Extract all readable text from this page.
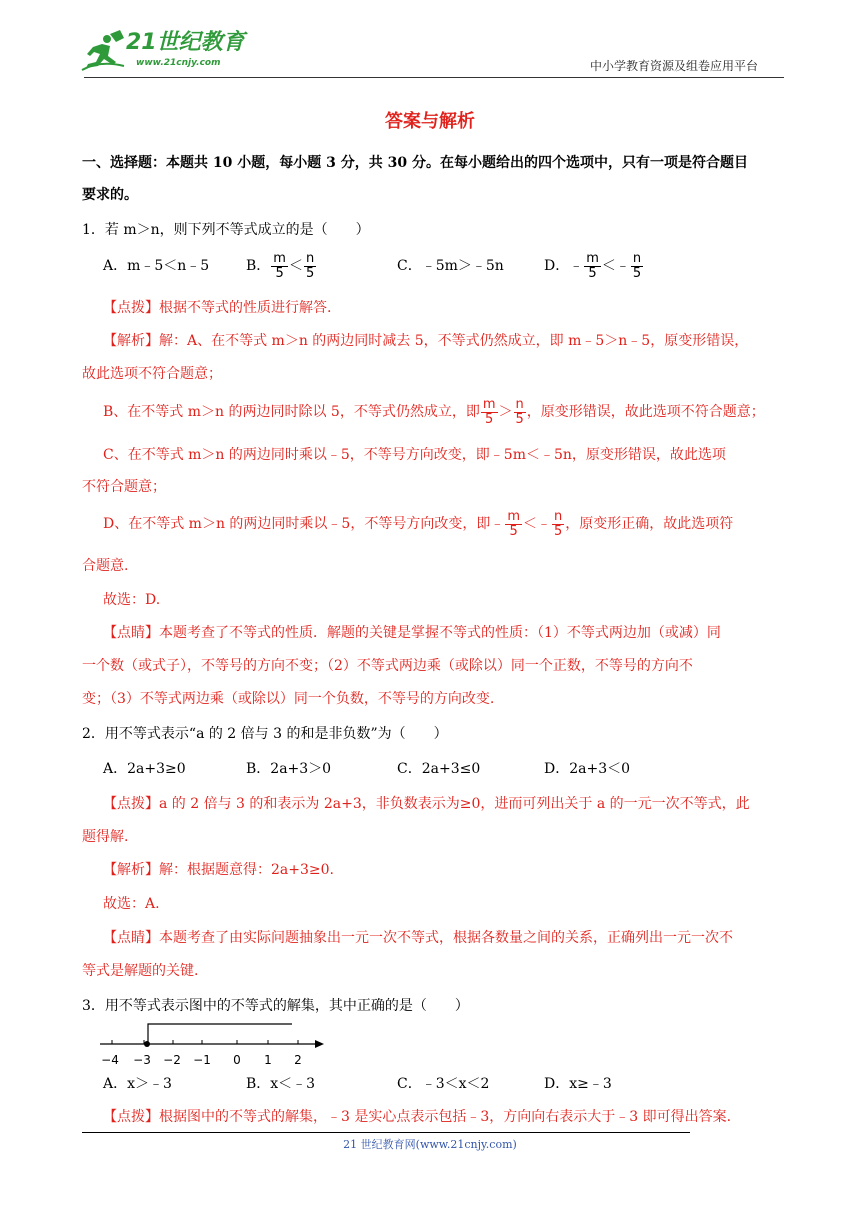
21世纪教育
www.21cnjy.com	中小学教育资源及组卷应用平台
答案与解析
一、选择题：本题共 10 小题，每小题 3 分，共 30 分。在每小题给出的四个选项中，只有一项是符合题目
要求的。
1．若 m＞n，则下列不等式成立的是（　　）
A．m﹣5＜n﹣5	B． $\frac{m}{5} < \frac{n}{5}$	C．﹣5m＞﹣5n	D．﹣ $\frac{m}{5}$ ＜﹣ $\frac{n}{5}$
【点拨】根据不等式的性质进行解答.
【解析】解：A、在不等式 m＞n 的两边同时减去 5，不等式仍然成立，即 m﹣5＞n﹣5，原变形错误，
故此选项不符合题意；
B、在不等式 m＞n 的两边同时除以 5，不等式仍然成立，即 $\frac{m}{5} > \frac{n}{5}$ ，原变形错误，故此选项不符合题意；
C、在不等式 m＞n 的两边同时乘以﹣5，不等号方向改变，即﹣5m＜﹣5n，原变形错误，故此选项
不符合题意；
D、在不等式 m＞n 的两边同时乘以﹣5，不等号方向改变，即﹣ $\frac{m}{5}$ ＜﹣ $\frac{n}{5}$ ，原变形正确，故此选项符
合题意.
故选：D.
【点睛】本题考查了不等式的性质．解题的关键是掌握不等式的性质：（1）不等式两边加（或减）同
一个数（或式子），不等号的方向不变；（2）不等式两边乘（或除以）同一个正数，不等号的方向不
变；（3）不等式两边乘（或除以）同一个负数，不等号的方向改变.
2．用不等式表示“a 的 2 倍与 3 的和是非负数”为（　　）
A．2a+3≥0	B．2a+3＞0	C．2a+3≤0	D．2a+3＜0
【点拨】a 的 2 倍与 3 的和表示为 2a+3，非负数表示为≥0，进而可列出关于 a 的一元一次不等式，此
题得解.
【解析】解：根据题意得：2a+3≥0.
故选：A.
【点睛】本题考查了由实际问题抽象出一元一次不等式，根据各数量之间的关系，正确列出一元一次不
等式是解题的关键.
3．用不等式表示图中的不等式的解集，其中正确的是（　　）
−4 −3 −2 −1 0 1 2
A．x＞﹣3	B．x＜﹣3	C．﹣3＜x＜2	D．x≥﹣3
【点拨】根据图中的不等式的解集，﹣3 是实心点表示包括﹣3，方向向右表示大于﹣3 即可得出答案.
21 世纪教育网(www.21cnjy.com)
